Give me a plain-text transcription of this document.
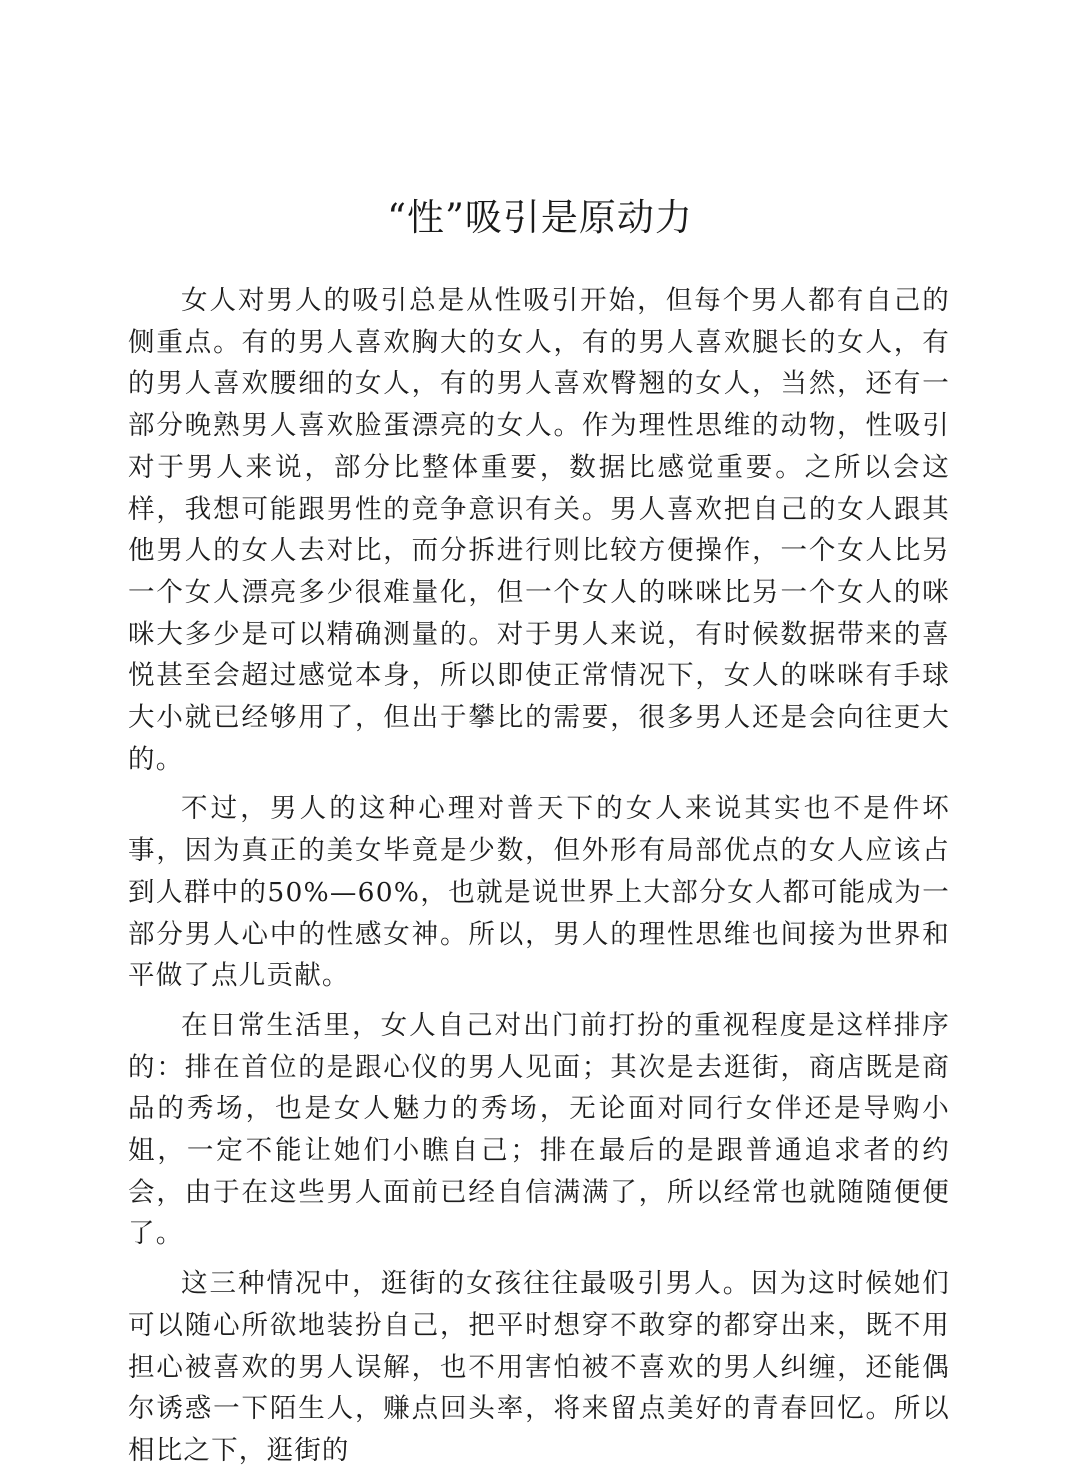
“性”吸引是原动力

女人对男人的吸引总是从性吸引开始，但每个男人都有自己的侧重点。有的男人喜欢胸大的女人，有的男人喜欢腿长的女人，有的男人喜欢腰细的女人，有的男人喜欢臀翘的女人，当然，还有一部分晚熟男人喜欢脸蛋漂亮的女人。作为理性思维的动物，性吸引对于男人来说，部分比整体重要，数据比感觉重要。之所以会这样，我想可能跟男性的竞争意识有关。男人喜欢把自己的女人跟其他男人的女人去对比，而分拆进行则比较方便操作，一个女人比另一个女人漂亮多少很难量化，但一个女人的咪咪比另一个女人的咪咪大多少是可以精确测量的。对于男人来说，有时候数据带来的喜悦甚至会超过感觉本身，所以即使正常情况下，女人的咪咪有手球大小就已经够用了，但出于攀比的需要，很多男人还是会向往更大的。

不过，男人的这种心理对普天下的女人来说其实也不是件坏事，因为真正的美女毕竟是少数，但外形有局部优点的女人应该占到人群中的50%—60%，也就是说世界上大部分女人都可能成为一部分男人心中的性感女神。所以，男人的理性思维也间接为世界和平做了点儿贡献。

在日常生活里，女人自己对出门前打扮的重视程度是这样排序的：排在首位的是跟心仪的男人见面；其次是去逛街，商店既是商品的秀场，也是女人魅力的秀场，无论面对同行女伴还是导购小姐，一定不能让她们小瞧自己；排在最后的是跟普通追求者的约会，由于在这些男人面前已经自信满满了，所以经常也就随随便便了。

这三种情况中，逛街的女孩往往最吸引男人。因为这时候她们可以随心所欲地装扮自己，把平时想穿不敢穿的都穿出来，既不用担心被喜欢的男人误解，也不用害怕被不喜欢的男人纠缠，还能偶尔诱惑一下陌生人，赚点回头率，将来留点美好的青春回忆。所以相比之下，逛街的
